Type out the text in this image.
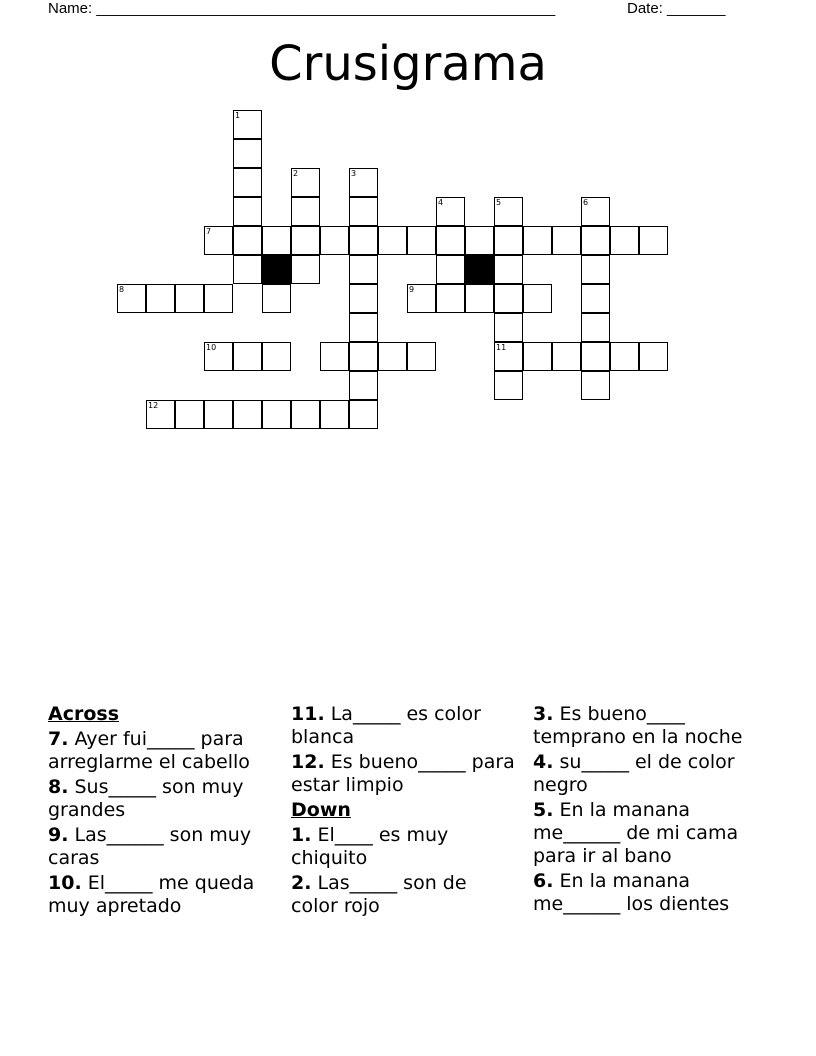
Name: _______________________________________________________	Date: _______
Crusigrama
1
2	3
4	5	6
7
8	9
10	11
12
Across
7. Ayer fui_____ para arreglarme el cabello
8. Sus_____ son muy grandes
9. Las______ son muy caras
10. El_____ me queda muy apretado
11. La_____ es color blanca
12. Es bueno_____ para estar limpio
Down
1. El____ es muy chiquito
2. Las_____ son de color rojo
3. Es bueno____ temprano en la noche
4. su_____ el de color negro
5. En la manana me______ de mi cama para ir al bano
6. En la manana me______ los dientes
